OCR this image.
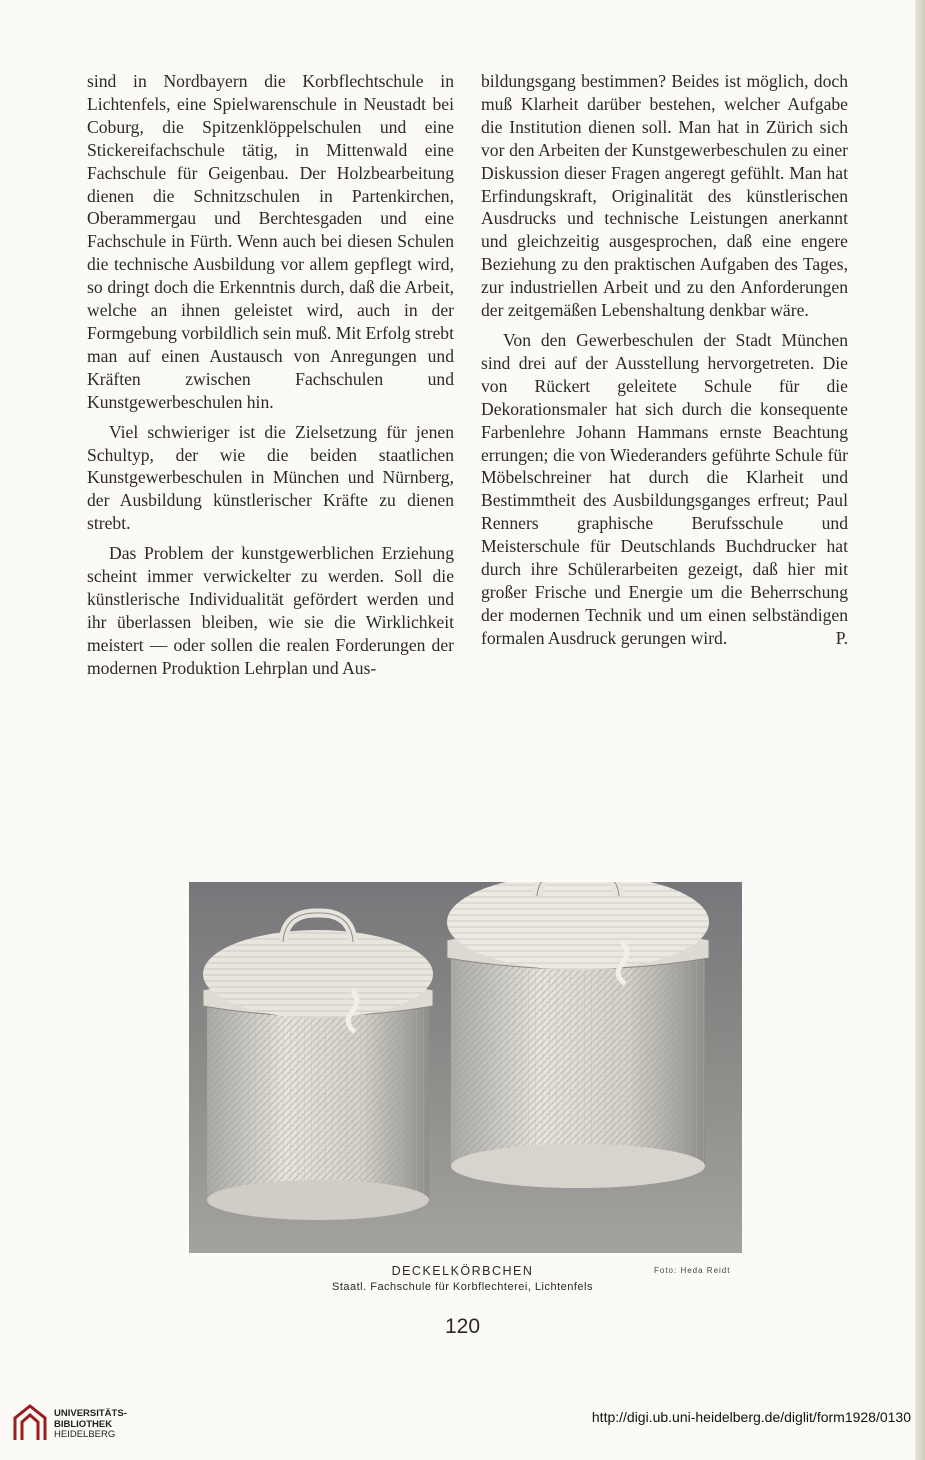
sind in Nordbayern die Korbflechtschule in Lichtenfels, eine Spielwarenschule in Neustadt bei Coburg, die Spitzenklöppelschulen und eine Stickereifachschule tätig, in Mittenwald eine Fachschule für Geigenbau. Der Holzbearbeitung dienen die Schnitzschulen in Partenkirchen, Oberammergau und Berchtesgaden und eine Fachschule in Fürth. Wenn auch bei diesen Schulen die technische Ausbildung vor allem gepflegt wird, so dringt doch die Erkenntnis durch, daß die Arbeit, welche an ihnen geleistet wird, auch in der Formgebung vorbildlich sein muß. Mit Erfolg strebt man auf einen Austausch von Anregungen und Kräften zwischen Fachschulen und Kunstgewerbeschulen hin.

Viel schwieriger ist die Zielsetzung für jenen Schultyp, der wie die beiden staatlichen Kunstgewerbeschulen in München und Nürnberg, der Ausbildung künstlerischer Kräfte zu dienen strebt.

Das Problem der kunstgewerblichen Erziehung scheint immer verwickelter zu werden. Soll die künstlerische Individualität gefördert werden und ihr überlassen bleiben, wie sie die Wirklichkeit meistert — oder sollen die realen Forderungen der modernen Produktion Lehrplan und Aus-

bildungsgang bestimmen? Beides ist möglich, doch muß Klarheit darüber bestehen, welcher Aufgabe die Institution dienen soll. Man hat in Zürich sich vor den Arbeiten der Kunstgewerbeschulen zu einer Diskussion dieser Fragen angeregt gefühlt. Man hat Erfindungskraft, Originalität des künstlerischen Ausdrucks und technische Leistungen anerkannt und gleichzeitig ausgesprochen, daß eine engere Beziehung zu den praktischen Aufgaben des Tages, zur industriellen Arbeit und zu den Anforderungen der zeitgemäßen Lebenshaltung denkbar wäre.

Von den Gewerbeschulen der Stadt München sind drei auf der Ausstellung hervorgetreten. Die von Rückert geleitete Schule für die Dekorationsmaler hat sich durch die konsequente Farbenlehre Johann Hammans ernste Beachtung errungen; die von Wiederanders geführte Schule für Möbelschreiner hat durch die Klarheit und Bestimmtheit des Ausbildungsganges erfreut; Paul Renners graphische Berufsschule und Meisterschule für Deutschlands Buchdrucker hat durch ihre Schülerarbeiten gezeigt, daß hier mit großer Frische und Energie um die Beherrschung der modernen Technik und um einen selbständigen formalen Ausdruck gerungen wird.	P.

DECKELKÖRBCHEN	Foto: Heda Reidt
Staatl. Fachschule für Korbflechterei, Lichtenfels
120
UNIVERSITÄTS-
BIBLIOTHEK
HEIDELBERG
http://digi.ub.uni-heidelberg.de/diglit/form1928/0130
